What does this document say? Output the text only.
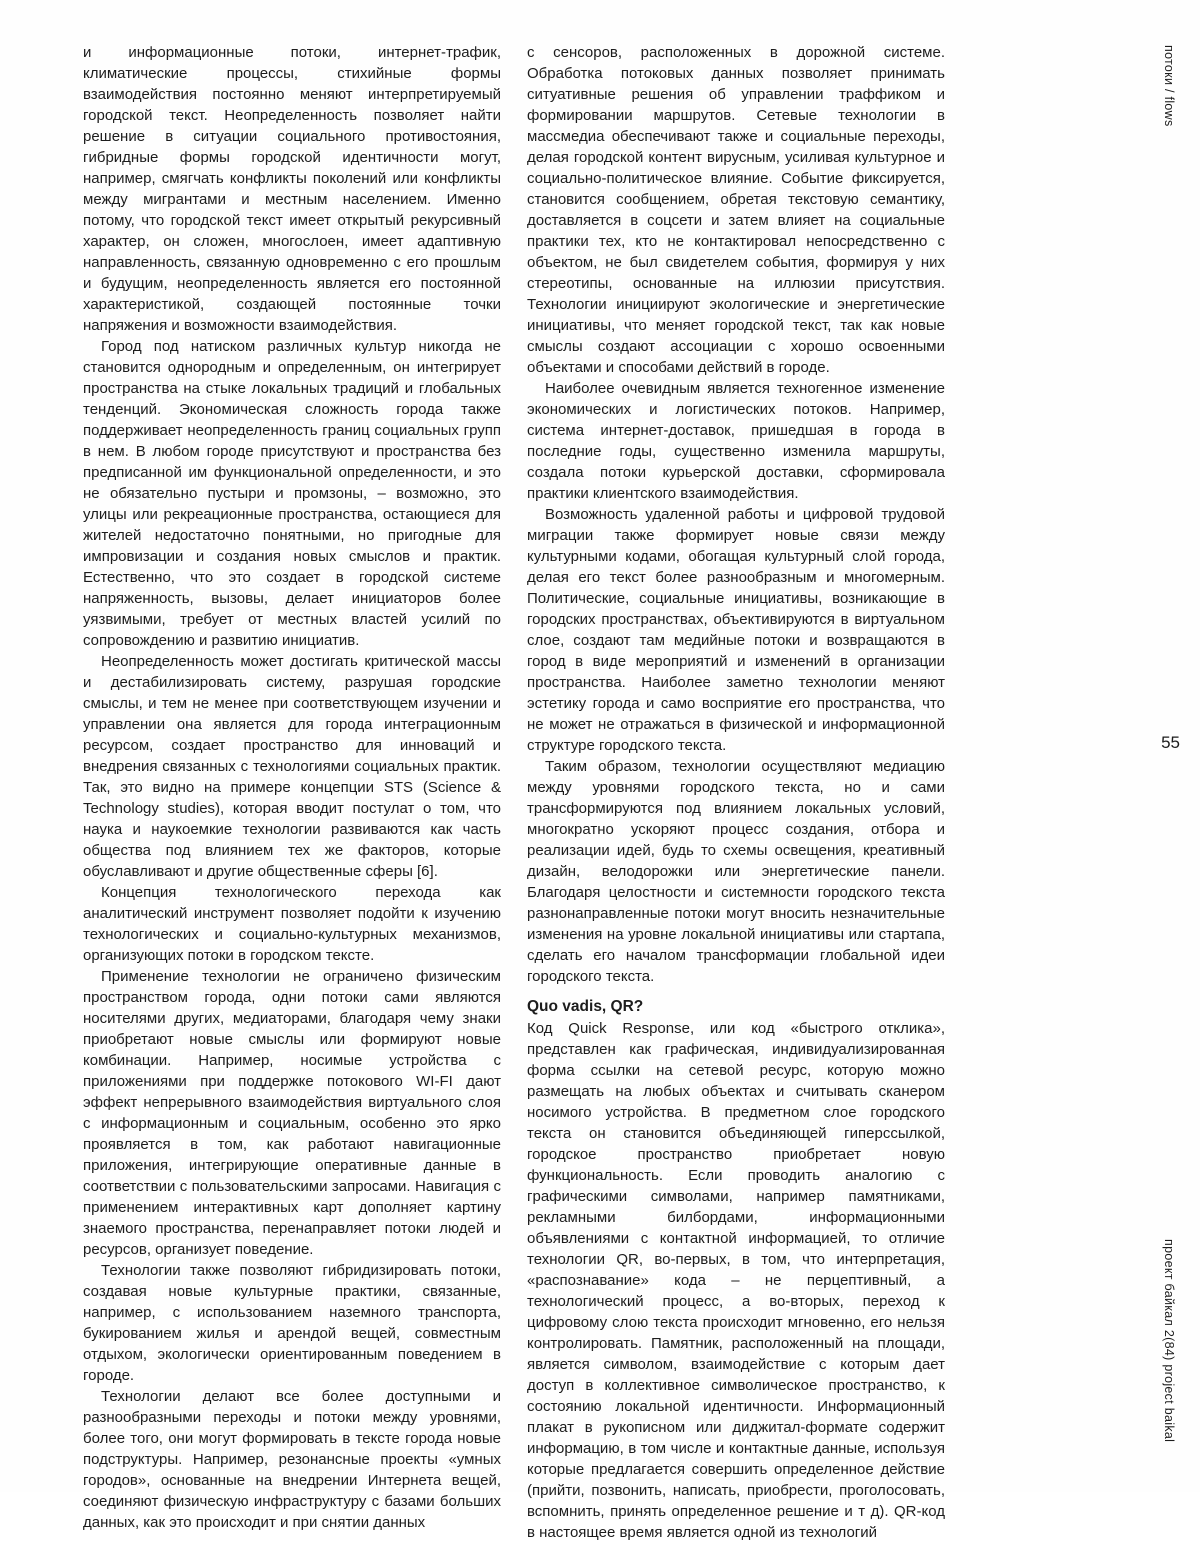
и информационные потоки, интернет-трафик, климатические процессы, стихийные формы взаимодействия постоянно меняют интерпретируемый городской текст. Неопределенность позволяет найти решение в ситуации социального противостояния, гибридные формы городской идентичности могут, например, смягчать конфликты поколений или конфликты между мигрантами и местным населением. Именно потому, что городской текст имеет открытый рекурсивный характер, он сложен, многослоен, имеет адаптивную направленность, связанную одновременно с его прошлым и будущим, неопределенность является его постоянной характеристикой, создающей постоянные точки напряжения и возможности взаимодействия.

Город под натиском различных культур никогда не становится однородным и определенным, он интегрирует пространства на стыке локальных традиций и глобальных тенденций. Экономическая сложность города также поддерживает неопределенность границ социальных групп в нем. В любом городе присутствуют и пространства без предписанной им функциональной определенности, и это не обязательно пустыри и промзоны, – возможно, это улицы или рекреационные пространства, остающиеся для жителей недостаточно понятными, но пригодные для импровизации и создания новых смыслов и практик. Естественно, что это создает в городской системе напряженность, вызовы, делает инициаторов более уязвимыми, требует от местных властей усилий по сопровождению и развитию инициатив.

Неопределенность может достигать критической массы и дестабилизировать систему, разрушая городские смыслы, и тем не менее при соответствующем изучении и управлении она является для города интеграционным ресурсом, создает пространство для инноваций и внедрения связанных с технологиями социальных практик. Так, это видно на примере концепции STS (Science & Technology studies), которая вводит постулат о том, что наука и наукоемкие технологии развиваются как часть общества под влиянием тех же факторов, которые обуславливают и другие общественные сферы [6].

Концепция технологического перехода как аналитический инструмент позволяет подойти к изучению технологических и социально-культурных механизмов, организующих потоки в городском тексте.

Применение технологии не ограничено физическим пространством города, одни потоки сами являются носителями других, медиаторами, благодаря чему знаки приобретают новые смыслы или формируют новые комбинации. Например, носимые устройства с приложениями при поддержке потокового WI-FI дают эффект непрерывного взаимодействия виртуального слоя с информационным и социальным, особенно это ярко проявляется в том, как работают навигационные приложения, интегрирующие оперативные данные в соответствии с пользовательскими запросами. Навигация с применением интерактивных карт дополняет картину знаемого пространства, перенаправляет потоки людей и ресурсов, организует поведение.

Технологии также позволяют гибридизировать потоки, создавая новые культурные практики, связанные, например, с использованием наземного транспорта, букированием жилья и арендой вещей, совместным отдыхом, экологически ориентированным поведением в городе.

Технологии делают все более доступными и разнообразными переходы и потоки между уровнями, более того, они могут формировать в тексте города новые подструктуры. Например, резонансные проекты «умных городов», основанные на внедрении Интернета вещей, соединяют физическую инфраструктуру с базами больших данных, как это происходит и при снятии данных

с сенсоров, расположенных в дорожной системе. Обработка потоковых данных позволяет принимать ситуативные решения об управлении траффиком и формировании маршрутов. Сетевые технологии в массмедиа обеспечивают также и социальные переходы, делая городской контент вирусным, усиливая культурное и социально-политическое влияние. Событие фиксируется, становится сообщением, обретая текстовую семантику, доставляется в соцсети и затем влияет на социальные практики тех, кто не контактировал непосредственно с объектом, не был свидетелем события, формируя у них стереотипы, основанные на иллюзии присутствия. Технологии инициируют экологические и энергетические инициативы, что меняет городской текст, так как новые смыслы создают ассоциации с хорошо освоенными объектами и способами действий в городе.

Наиболее очевидным является техногенное изменение экономических и логистических потоков. Например, система интернет-доставок, пришедшая в города в последние годы, существенно изменила маршруты, создала потоки курьерской доставки, сформировала практики клиентского взаимодействия.

Возможность удаленной работы и цифровой трудовой миграции также формирует новые связи между культурными кодами, обогащая культурный слой города, делая его текст более разнообразным и многомерным. Политические, социальные инициативы, возникающие в городских пространствах, объективируются в виртуальном слое, создают там медийные потоки и возвращаются в город в виде мероприятий и изменений в организации пространства. Наиболее заметно технологии меняют эстетику города и само восприятие его пространства, что не может не отражаться в физической и информационной структуре городского текста.

Таким образом, технологии осуществляют медиацию между уровнями городского текста, но и сами трансформируются под влиянием локальных условий, многократно ускоряют процесс создания, отбора и реализации идей, будь то схемы освещения, креативный дизайн, велодорожки или энергетические панели. Благодаря целостности и системности городского текста разнонаправленные потоки могут вносить незначительные изменения на уровне локальной инициативы или стартапа, сделать его началом трансформации глобальной идеи городского текста.

Quo vadis, QR?

Код Quick Response, или код «быстрого отклика», представлен как графическая, индивидуализированная форма ссылки на сетевой ресурс, которую можно размещать на любых объектах и считывать сканером носимого устройства. В предметном слое городского текста он становится объединяющей гиперссылкой, городское пространство приобретает новую функциональность. Если проводить аналогию с графическими символами, например памятниками, рекламными билбордами, информационными объявлениями с контактной информацией, то отличие технологии QR, во-первых, в том, что интерпретация, «распознавание» кода – не перцептивный, а технологический процесс, а во-вторых, переход к цифровому слою текста происходит мгновенно, его нельзя контролировать. Памятник, расположенный на площади, является символом, взаимодействие с которым дает доступ в коллективное символическое пространство, к состоянию локальной идентичности. Информационный плакат в рукописном или диджитал-формате содержит информацию, в том числе и контактные данные, используя которые предлагается совершить определенное действие (прийти, позвонить, написать, приобрести, проголосовать, вспомнить, принять определенное решение и т д). QR-код в настоящее время является одной из технологий

потоки / flows
55
проект байкал 2(84) project baikal
